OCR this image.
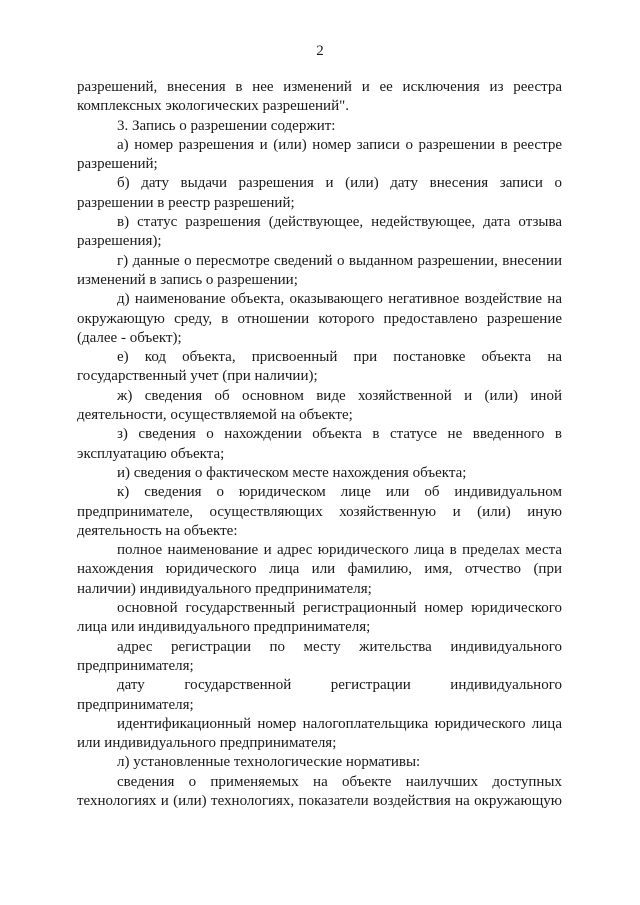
2

разрешений, внесения в нее изменений и ее исключения из реестра комплексных экологических разрешений".

3. Запись о разрешении содержит:

а) номер разрешения и (или) номер записи о разрешении в реестре разрешений;

б) дату выдачи разрешения и (или) дату внесения записи о разрешении в реестр разрешений;

в) статус разрешения (действующее, недействующее, дата отзыва разрешения);

г) данные о пересмотре сведений о выданном разрешении, внесении изменений в запись о разрешении;

д) наименование объекта, оказывающего негативное воздействие на окружающую среду, в отношении которого предоставлено разрешение (далее - объект);

е) код объекта, присвоенный при постановке объекта на государственный учет (при наличии);

ж) сведения об основном виде хозяйственной и (или) иной деятельности, осуществляемой на объекте;

з) сведения о нахождении объекта в статусе не введенного в эксплуатацию объекта;

и) сведения о фактическом месте нахождения объекта;

к) сведения о юридическом лице или об индивидуальном предпринимателе, осуществляющих хозяйственную и (или) иную деятельность на объекте:

полное наименование и адрес юридического лица в пределах места нахождения юридического лица или фамилию, имя, отчество (при наличии) индивидуального предпринимателя;

основной государственный регистрационный номер юридического лица или индивидуального предпринимателя;

адрес регистрации по месту жительства индивидуального предпринимателя;

дату государственной регистрации индивидуального предпринимателя;

идентификационный номер налогоплательщика юридического лица или индивидуального предпринимателя;

л) установленные технологические нормативы:

сведения о применяемых на объекте наилучших доступных технологиях и (или) технологиях, показатели воздействия на окружающую
